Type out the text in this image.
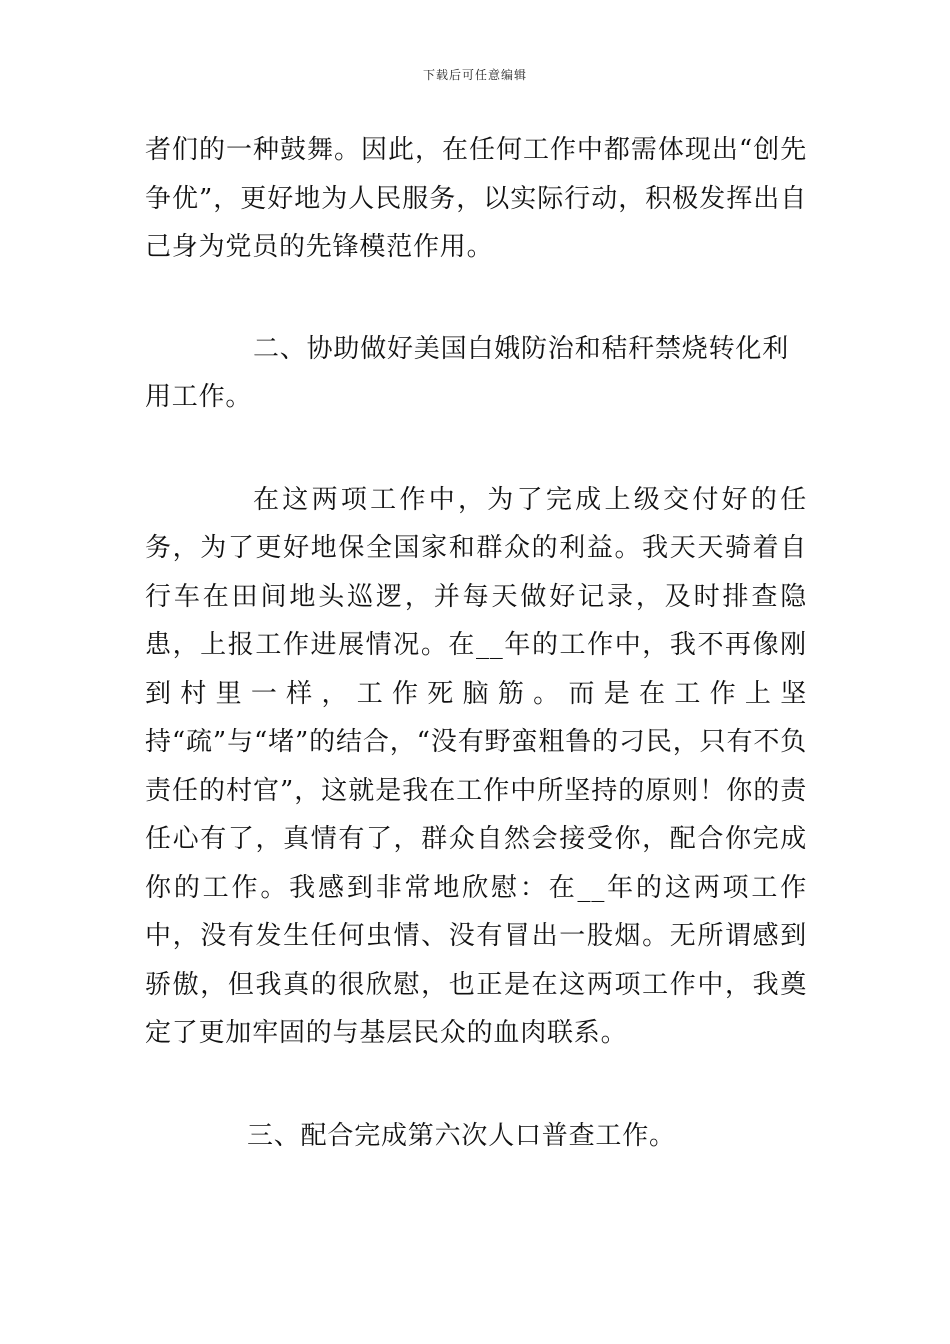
下载后可任意编辑

者们的一种鼓舞。因此，在任何工作中都需体现出“创先争优”，更好地为人民服务，以实际行动，积极发挥出自己身为党员的先锋模范作用。

二、协助做好美国白娥防治和秸秆禁烧转化利用工作。

在这两项工作中，为了完成上级交付好的任务，为了更好地保全国家和群众的利益。我天天骑着自行车在田间地头巡逻，并每天做好记录，及时排查隐患，上报工作进展情况。在__年的工作中，我不再像刚到村里一样，工作死脑筋。而是在工作上坚持“疏”与“堵”的结合，“没有野蛮粗鲁的刁民，只有不负责任的村官”，这就是我在工作中所坚持的原则！你的责任心有了，真情有了，群众自然会接受你，配合你完成你的工作。我感到非常地欣慰：在__年的这两项工作中，没有发生任何虫情、没有冒出一股烟。无所谓感到骄傲，但我真的很欣慰，也正是在这两项工作中，我奠定了更加牢固的与基层民众的血肉联系。

三、配合完成第六次人口普查工作。
